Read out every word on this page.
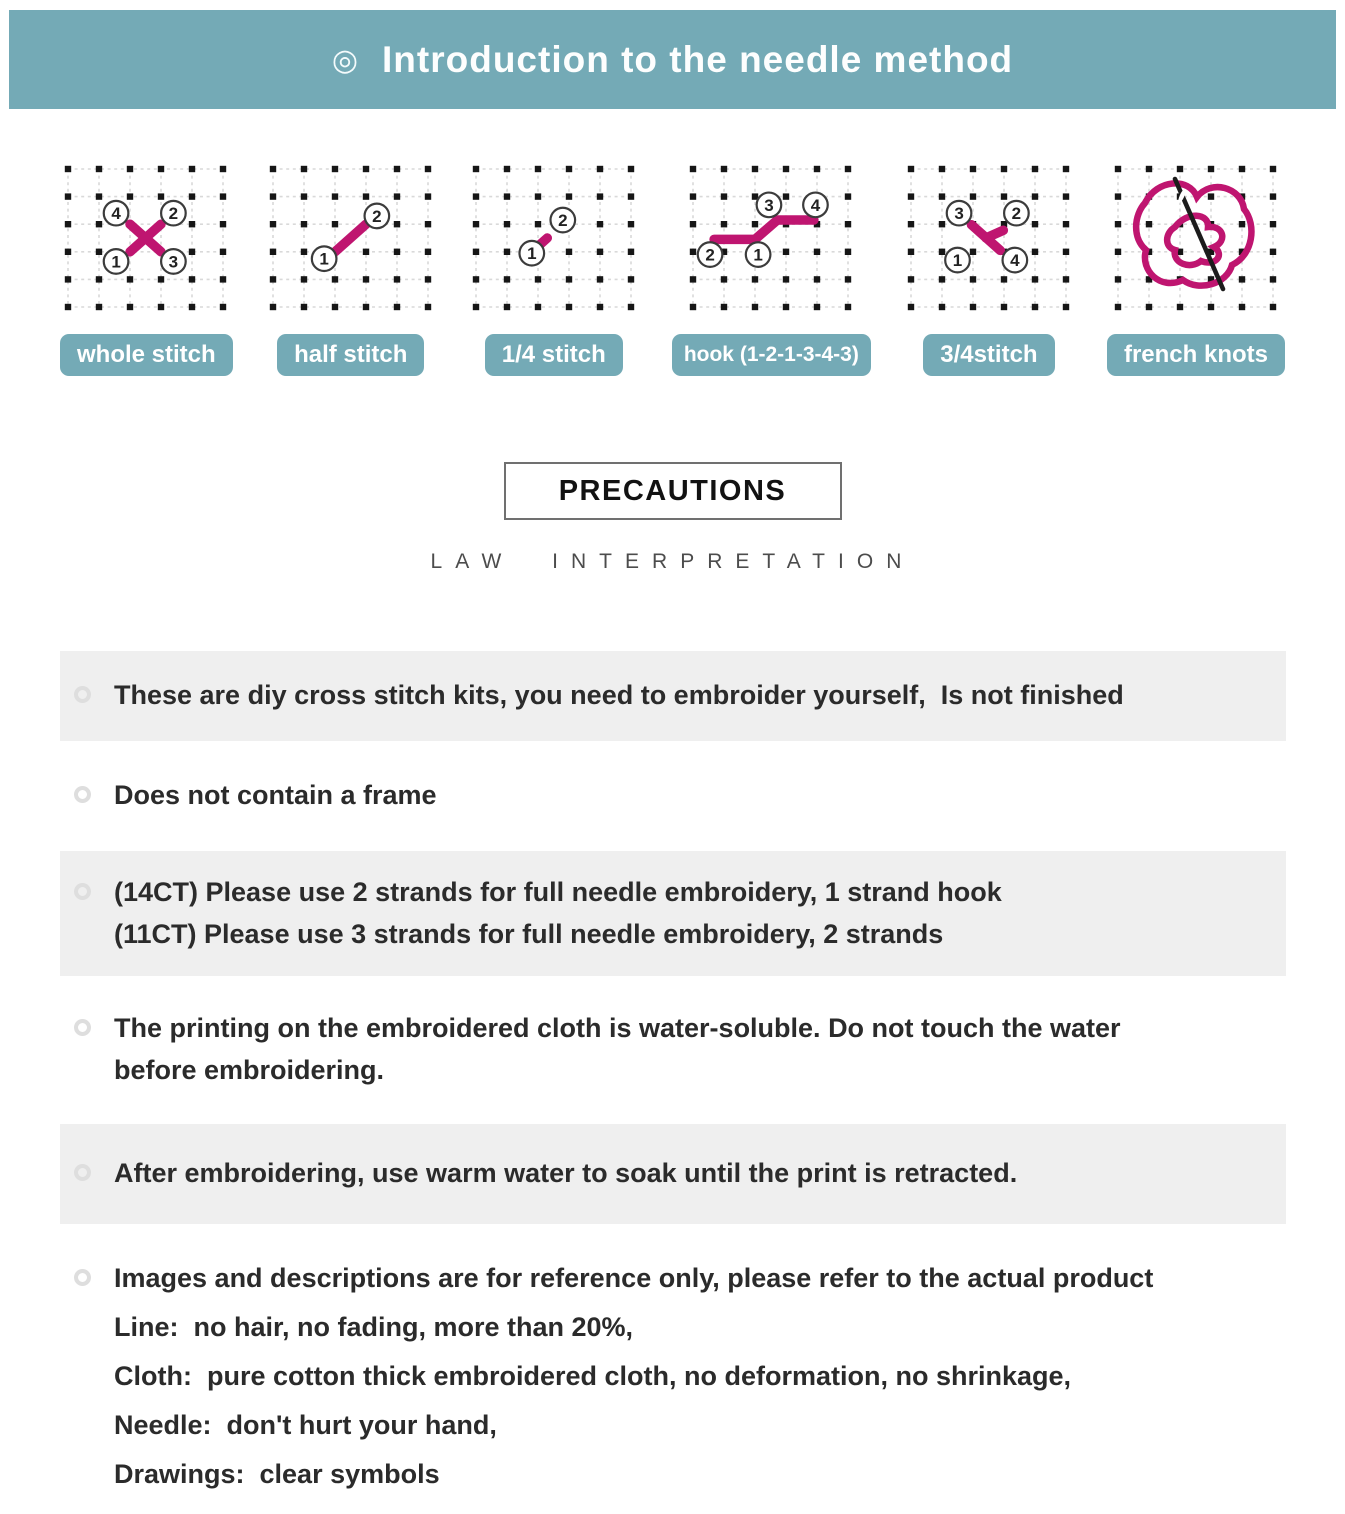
◎ Introduction to the needle method
4	2
1	3
whole stitch
1
2
half stitch
1
2
1/4 stitch
2 1
3 4
hook (1-2-1-3-4-3)
3	2
1	4
3/4stitch	french knots
PRECAUTIONS
LAW INTERPRETATION
These are diy cross stitch kits, you need to embroider yourself,  Is not finished
Does not contain a frame
(14CT) Please use 2 strands for full needle embroidery, 1 strand hook
(11CT) Please use 3 strands for full needle embroidery, 2 strands
The printing on the embroidered cloth is water-soluble. Do not touch the water
before embroidering.
After embroidering, use warm water to soak until the print is retracted.
Images and descriptions are for reference only, please refer to the actual product
Line:  no hair, no fading, more than 20%,
Cloth:  pure cotton thick embroidered cloth, no deformation, no shrinkage,
Needle:  don't hurt your hand,
Drawings:  clear symbols
